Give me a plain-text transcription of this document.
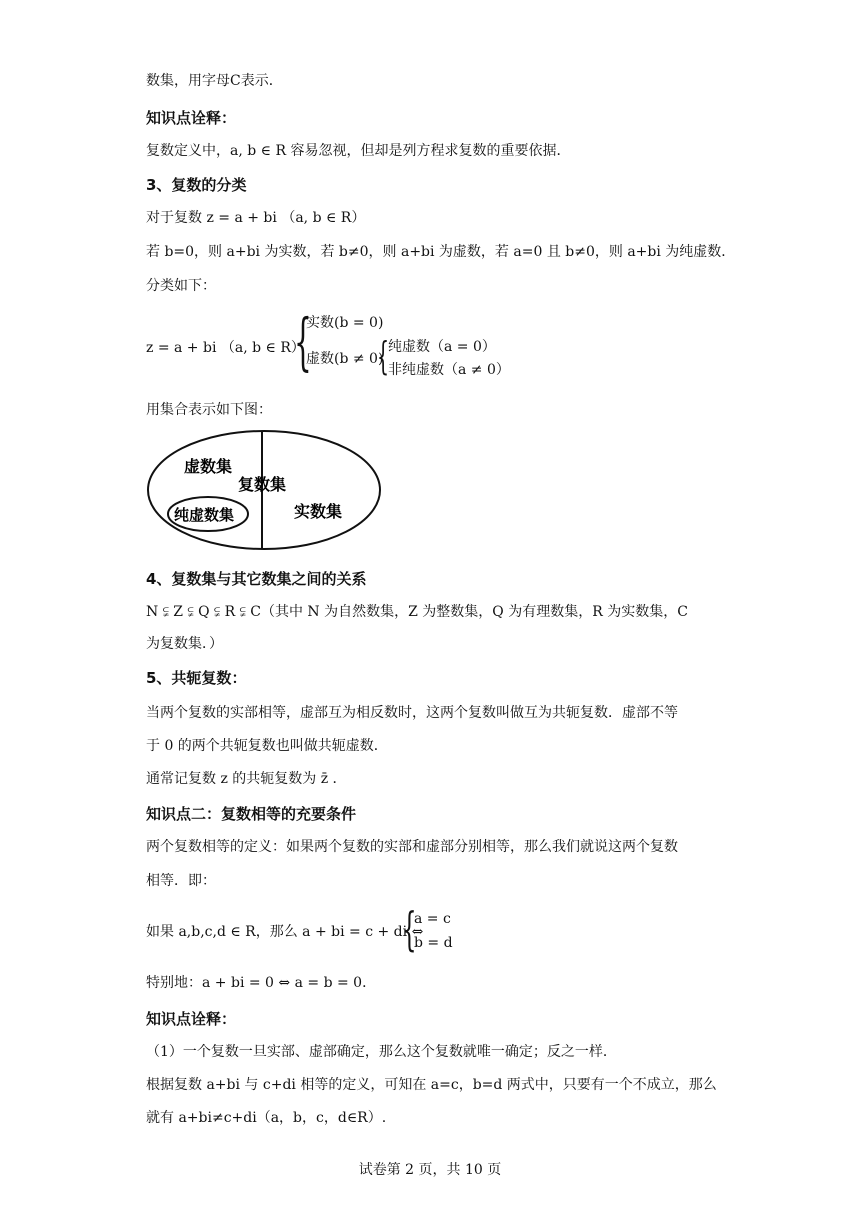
数集，用字母C表示．
知识点诠释：
复数定义中，a, b ∈ R 容易忽视，但却是列方程求复数的重要依据．
3、复数的分类
对于复数 z = a + bi （a, b ∈ R）
若 b=0，则 a+bi 为实数，若 b≠0，则 a+bi 为虚数，若 a=0 且 b≠0，则 a+bi 为纯虚数．
分类如下：
z = a + bi （a, b ∈ R）
{
实数(b = 0)
虚数(b ≠ 0)
{
纯虚数（a = 0）
非纯虚数（a ≠ 0）
用集合表示如下图：
虚数集
复数集
纯虚数集	实数集
4、复数集与其它数集之间的关系
N ⫋ Z ⫋ Q ⫋ R ⫋ C（其中 N 为自然数集，Z 为整数集，Q 为有理数集，R 为实数集，C
为复数集．）
5、共轭复数：
当两个复数的实部相等，虚部互为相反数时，这两个复数叫做互为共轭复数．虚部不等
于 0 的两个共轭复数也叫做共轭虚数．
通常记复数 z 的共轭复数为 z̄ ．
知识点二：复数相等的充要条件
两个复数相等的定义：如果两个复数的实部和虚部分别相等，那么我们就说这两个复数
相等．即：
如果 a,b,c,d ∈ R，那么 a + bi = c + di ⇔
{
a = c
b = d
特别地：a + bi = 0 ⇔ a = b = 0．
知识点诠释：
（1）一个复数一旦实部、虚部确定，那么这个复数就唯一确定；反之一样．
根据复数 a+bi 与 c+di 相等的定义，可知在 a=c，b=d 两式中，只要有一个不成立，那么
就有 a+bi≠c+di（a，b，c，d∈R）.
试卷第 2 页，共 10 页
